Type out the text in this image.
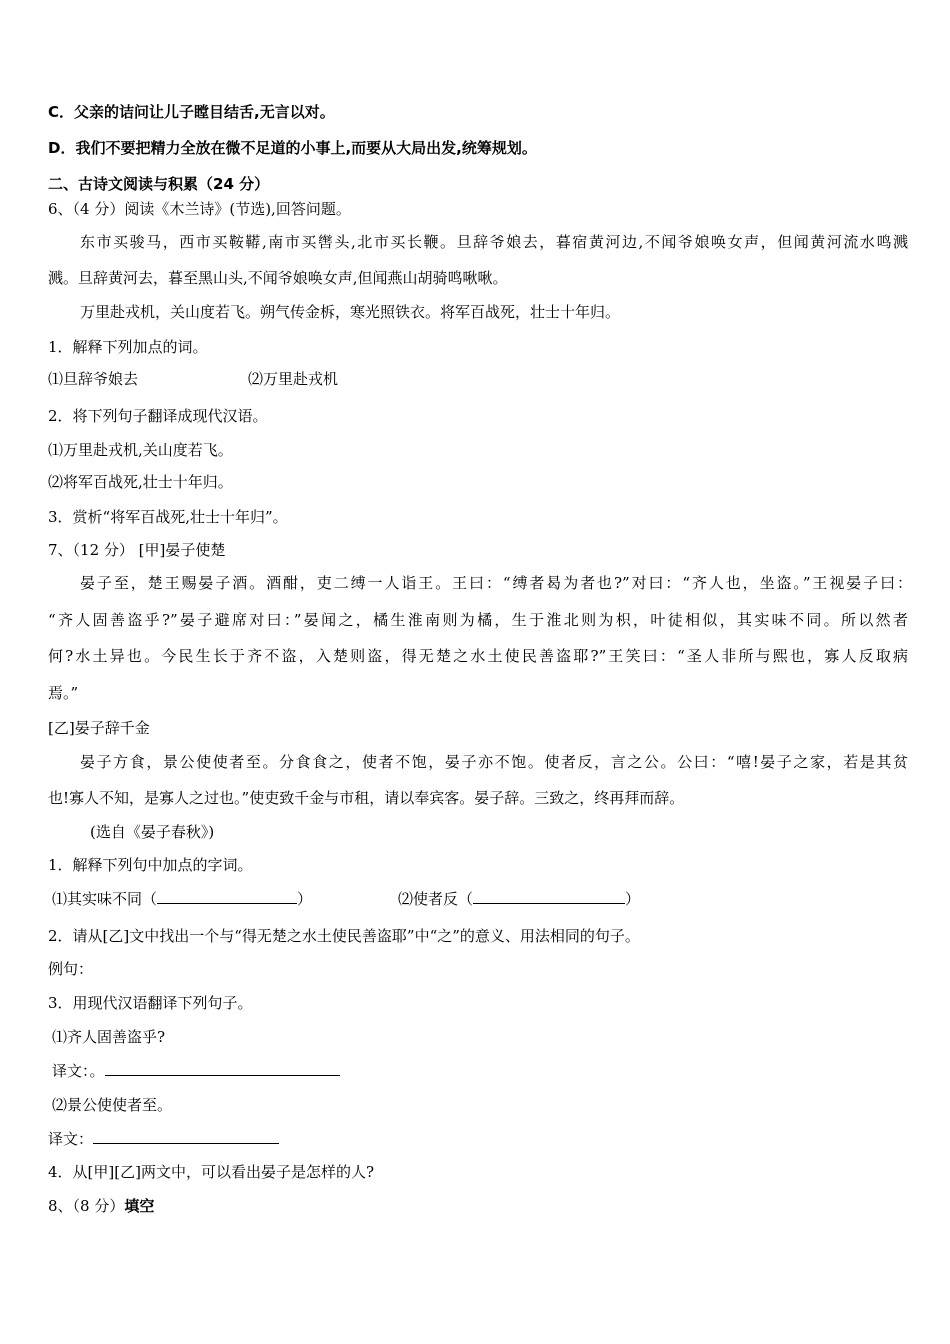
C．父亲的诘问让儿子瞠目结舌,无言以对。
D．我们不要把精力全放在微不足道的小事上,而要从大局出发,统筹规划。
二、古诗文阅读与积累（24 分）
6、（4 分）阅读《木兰诗》(节选),回答问题。
东市买骏马，西市买鞍鞯,南市买辔头,北市买长鞭。旦辞爷娘去，暮宿黄河边,不闻爷娘唤女声，但闻黄河流水鸣溅
溅。旦辞黄河去，暮至黑山头,不闻爷娘唤女声,但闻燕山胡骑鸣啾啾。
万里赴戎机，关山度若飞。朔气传金柝，寒光照铁衣。将军百战死，壮士十年归。
1．解释下列加点的词。
⑴旦辞爷娘去	⑵万里赴戎机
2．将下列句子翻译成现代汉语。
⑴万里赴戎机,关山度若飞。
⑵将军百战死,壮士十年归。
3．赏析“将军百战死,壮士十年归”。
7、（12 分） [甲]晏子使楚
晏子至，楚王赐晏子酒。酒酣，吏二缚一人诣王。王曰：“缚者曷为者也?”对曰：“齐人也，坐盗。”王视晏子曰：
“齐人固善盗乎?”晏子避席对曰：”晏闻之，橘生淮南则为橘，生于淮北则为枳，叶徒相似，其实味不同。所以然者
何?水土异也。今民生长于齐不盗，入楚则盗，得无楚之水土使民善盗耶?”王笑曰：“圣人非所与熙也，寡人反取病
焉。”
[乙]晏子辞千金
晏子方食，景公使使者至。分食食之，使者不饱，晏子亦不饱。使者反，言之公。公曰：“嘻!晏子之家，若是其贫
也!寡人不知，是寡人之过也。”使吏致千金与市租，请以奉宾客。晏子辞。三致之，终再拜而辞。
(选自《晏子春秋》)
1．解释下列句中加点的字词。
⑴其实味不同（	）	⑵使者反（	）
2．请从[乙]文中找出一个与“得无楚之水土使民善盗耶”中“之”的意义、用法相同的句子。
例句：
3．用现代汉语翻译下列句子。
⑴齐人固善盗乎?
译文：。
⑵景公使使者至。
译文：
4．从[甲][乙]两文中，可以看出晏子是怎样的人?
8、（8 分）填空
